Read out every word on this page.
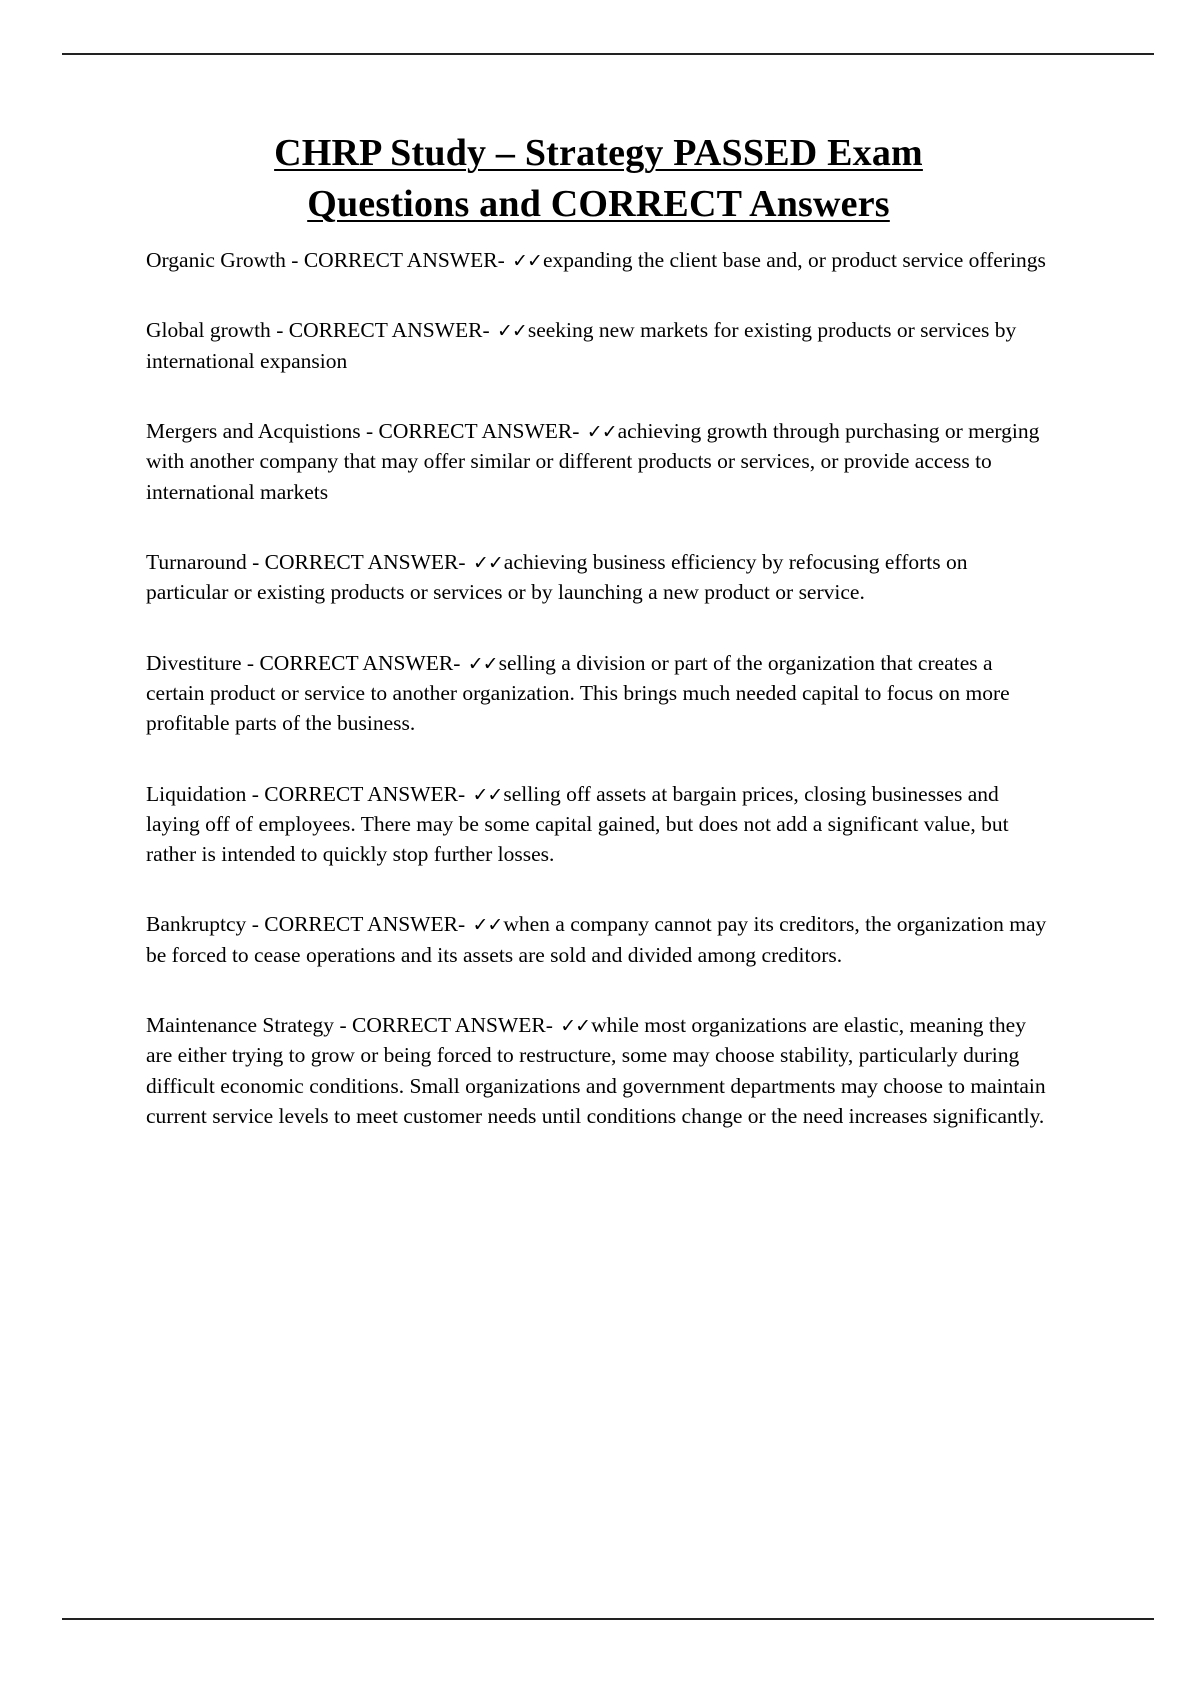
CHRP Study – Strategy PASSED Exam
Questions and CORRECT Answers

Organic Growth - CORRECT ANSWER- ✓✓expanding the client base and, or product service offerings

Global growth - CORRECT ANSWER- ✓✓seeking new markets for existing products or services by international expansion

Mergers and Acquistions - CORRECT ANSWER- ✓✓achieving growth through purchasing or merging with another company that may offer similar or different products or services, or provide access to international markets

Turnaround - CORRECT ANSWER- ✓✓achieving business efficiency by refocusing efforts on particular or existing products or services or by launching a new product or service.

Divestiture - CORRECT ANSWER- ✓✓selling a division or part of the organization that creates a certain product or service to another organization. This brings much needed capital to focus on more profitable parts of the business.

Liquidation - CORRECT ANSWER- ✓✓selling off assets at bargain prices, closing businesses and laying off of employees. There may be some capital gained, but does not add a significant value, but rather is intended to quickly stop further losses.

Bankruptcy - CORRECT ANSWER- ✓✓when a company cannot pay its creditors, the organization may be forced to cease operations and its assets are sold and divided among creditors.

Maintenance Strategy - CORRECT ANSWER- ✓✓while most organizations are elastic, meaning they are either trying to grow or being forced to restructure, some may choose stability, particularly during difficult economic conditions. Small organizations and government departments may choose to maintain current service levels to meet customer needs until conditions change or the need increases significantly.
